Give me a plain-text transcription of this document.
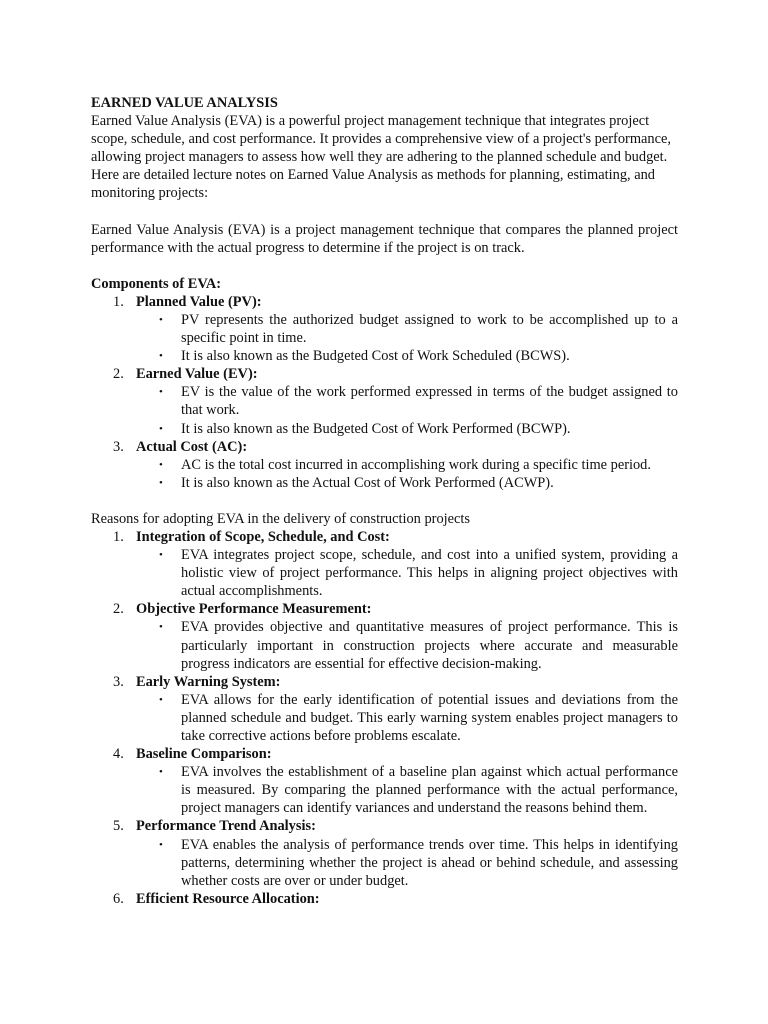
EARNED VALUE ANALYSIS

Earned Value Analysis (EVA) is a powerful project management technique that integrates project scope, schedule, and cost performance. It provides a comprehensive view of a project's performance, allowing project managers to assess how well they are adhering to the planned schedule and budget. Here are detailed lecture notes on Earned Value Analysis as methods for planning, estimating, and monitoring projects:

Earned Value Analysis (EVA) is a project management technique that compares the planned project performance with the actual progress to determine if the project is on track.

Components of EVA:

1. Planned Value (PV):
• PV represents the authorized budget assigned to work to be accomplished up to a specific point in time.
• It is also known as the Budgeted Cost of Work Scheduled (BCWS).
2. Earned Value (EV):
• EV is the value of the work performed expressed in terms of the budget assigned to that work.
• It is also known as the Budgeted Cost of Work Performed (BCWP).
3. Actual Cost (AC):
• AC is the total cost incurred in accomplishing work during a specific time period.
• It is also known as the Actual Cost of Work Performed (ACWP).

Reasons for adopting EVA in the delivery of construction projects

1. Integration of Scope, Schedule, and Cost:
• EVA integrates project scope, schedule, and cost into a unified system, providing a holistic view of project performance. This helps in aligning project objectives with actual accomplishments.
2. Objective Performance Measurement:
• EVA provides objective and quantitative measures of project performance. This is particularly important in construction projects where accurate and measurable progress indicators are essential for effective decision-making.
3. Early Warning System:
• EVA allows for the early identification of potential issues and deviations from the planned schedule and budget. This early warning system enables project managers to take corrective actions before problems escalate.
4. Baseline Comparison:
• EVA involves the establishment of a baseline plan against which actual performance is measured. By comparing the planned performance with the actual performance, project managers can identify variances and understand the reasons behind them.
5. Performance Trend Analysis:
• EVA enables the analysis of performance trends over time. This helps in identifying patterns, determining whether the project is ahead or behind schedule, and assessing whether costs are over or under budget.
6. Efficient Resource Allocation:
